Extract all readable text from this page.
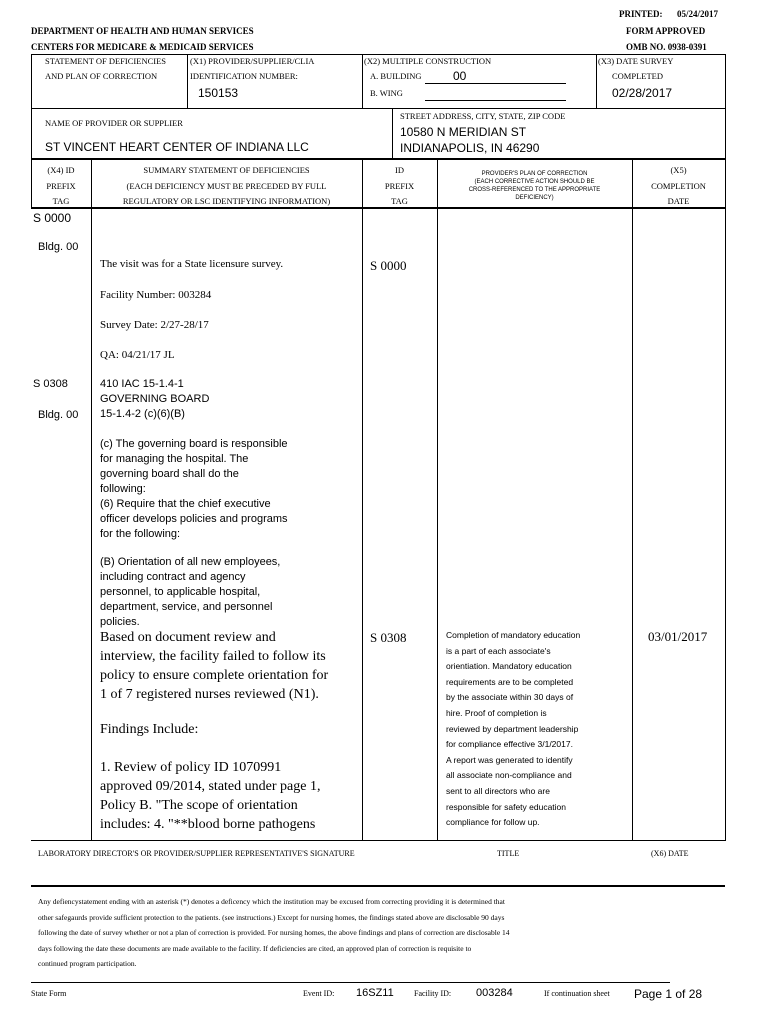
PRINTED: 05/24/2017
DEPARTMENT OF HEALTH AND HUMAN SERVICES	FORM APPROVED
CENTERS FOR MEDICARE & MEDICAID SERVICES	OMB NO. 0938-0391
STATEMENT OF DEFICIENCIES
AND PLAN OF CORRECTION
(X1) PROVIDER/SUPPLIER/CLIA
IDENTIFICATION NUMBER:
150153
(X2) MULTIPLE CONSTRUCTION
A. BUILDING	00
B. WING
(X3) DATE SURVEY
COMPLETED
02/28/2017
NAME OF PROVIDER OR SUPPLIER
ST VINCENT HEART CENTER OF INDIANA LLC
STREET ADDRESS, CITY, STATE, ZIP CODE
10580 N MERIDIAN ST
INDIANAPOLIS, IN 46290
(X4) ID
PREFIX
TAG
SUMMARY STATEMENT OF DEFICIENCIES
(EACH DEFICIENCY MUST BE PRECEDED BY FULL
REGULATORY OR LSC IDENTIFYING INFORMATION)
ID
PREFIX
TAG
PROVIDER'S PLAN OF CORRECTION
(EACH CORRECTIVE ACTION SHOULD BE
CROSS-REFERENCED TO THE APPROPRIATE
DEFICIENCY)
(X5)
COMPLETION
DATE
S 0000
Bldg. 00
The visit was for a State licensure survey.	S 0000
Facility Number: 003284
Survey Date: 2/27-28/17
QA: 04/21/17 JL
S 0308
Bldg. 00
410 IAC 15-1.4-1
GOVERNING BOARD
15-1.4-2 (c)(6)(B)
(c) The governing board is responsible
for managing the hospital. The
governing board shall do the
following:
(6) Require that the chief executive
officer develops policies and programs
for the following:
(B) Orientation of all new employees,
including contract and agency
personnel, to applicable hospital,
department, service, and personnel
policies.
Based on document review and
interview, the facility failed to follow its
policy to ensure complete orientation for
1 of 7 registered nurses reviewed (N1).
Findings Include:
1. Review of policy ID 1070991
approved 09/2014, stated under page 1,
Policy B. "The scope of orientation
includes: 4. "**blood borne pathogens
S 0308	Completion of mandatory education
is a part of each associate's
orientiation. Mandatory education
requirements are to be completed
by the associate within 30 days of
hire. Proof of completion is
reviewed by department leadership
for compliance effective 3/1/2017.
A report was generated to identify
all associate non-compliance and
sent to all directors who are
responsible for safety education
compliance for follow up.
03/01/2017
LABORATORY DIRECTOR'S OR PROVIDER/SUPPLIER REPRESENTATIVE'S SIGNATURE	TITLE	(X6) DATE
Any defiencystatement ending with an asterisk (*) denotes a deficency which the institution may be excused from correcting providing it is determined that
other safegaurds provide sufficient protection to the patients. (see instructions.) Except for nursing homes, the findings stated above are disclosable 90 days
following the date of survey whether or not a plan of correction is provided. For nursing homes, the above findings and plans of correction are disclosable 14
days following the date these documents are made available to the facility. If deficiencies are cited, an approved plan of correction is requisite to
continued program participation.
State Form	Event ID: 16SZ11	Facility ID: 003284	If continuation sheet Page 1 of 28
